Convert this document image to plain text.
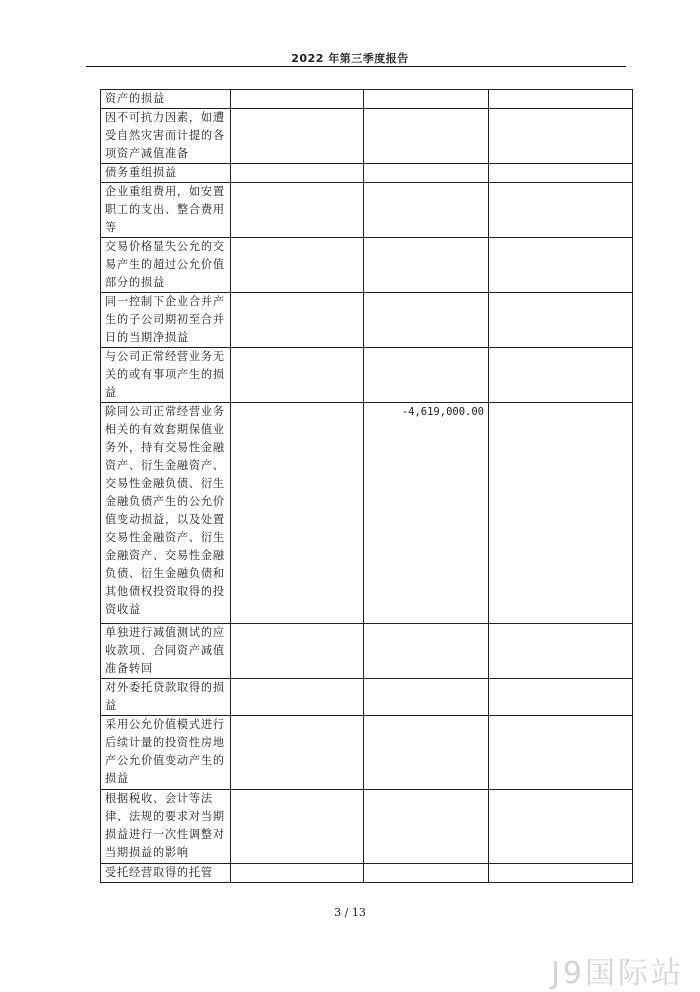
2022 年第三季度报告
资产的损益			
因不可抗力因素，如遭受自然灾害而计提的各项资产减值准备			
债务重组损益			
企业重组费用，如安置职工的支出、整合费用等			
交易价格显失公允的交易产生的超过公允价值部分的损益			
同一控制下企业合并产生的子公司期初至合并日的当期净损益			
与公司正常经营业务无关的或有事项产生的损益			
除同公司正常经营业务相关的有效套期保值业务外，持有交易性金融资产、衍生金融资产、交易性金融负债、衍生金融负债产生的公允价值变动损益，以及处置交易性金融资产、衍生金融资产、交易性金融负债、衍生金融负债和其他债权投资取得的投资收益		-4,619,000.00	
单独进行减值测试的应收款项、合同资产减值准备转回			
对外委托贷款取得的损益			
采用公允价值模式进行后续计量的投资性房地产公允价值变动产生的损益			
根据税收、会计等法律、法规的要求对当期损益进行一次性调整对当期损益的影响			
受托经营取得的托管			
3 / 13
J9国际站
